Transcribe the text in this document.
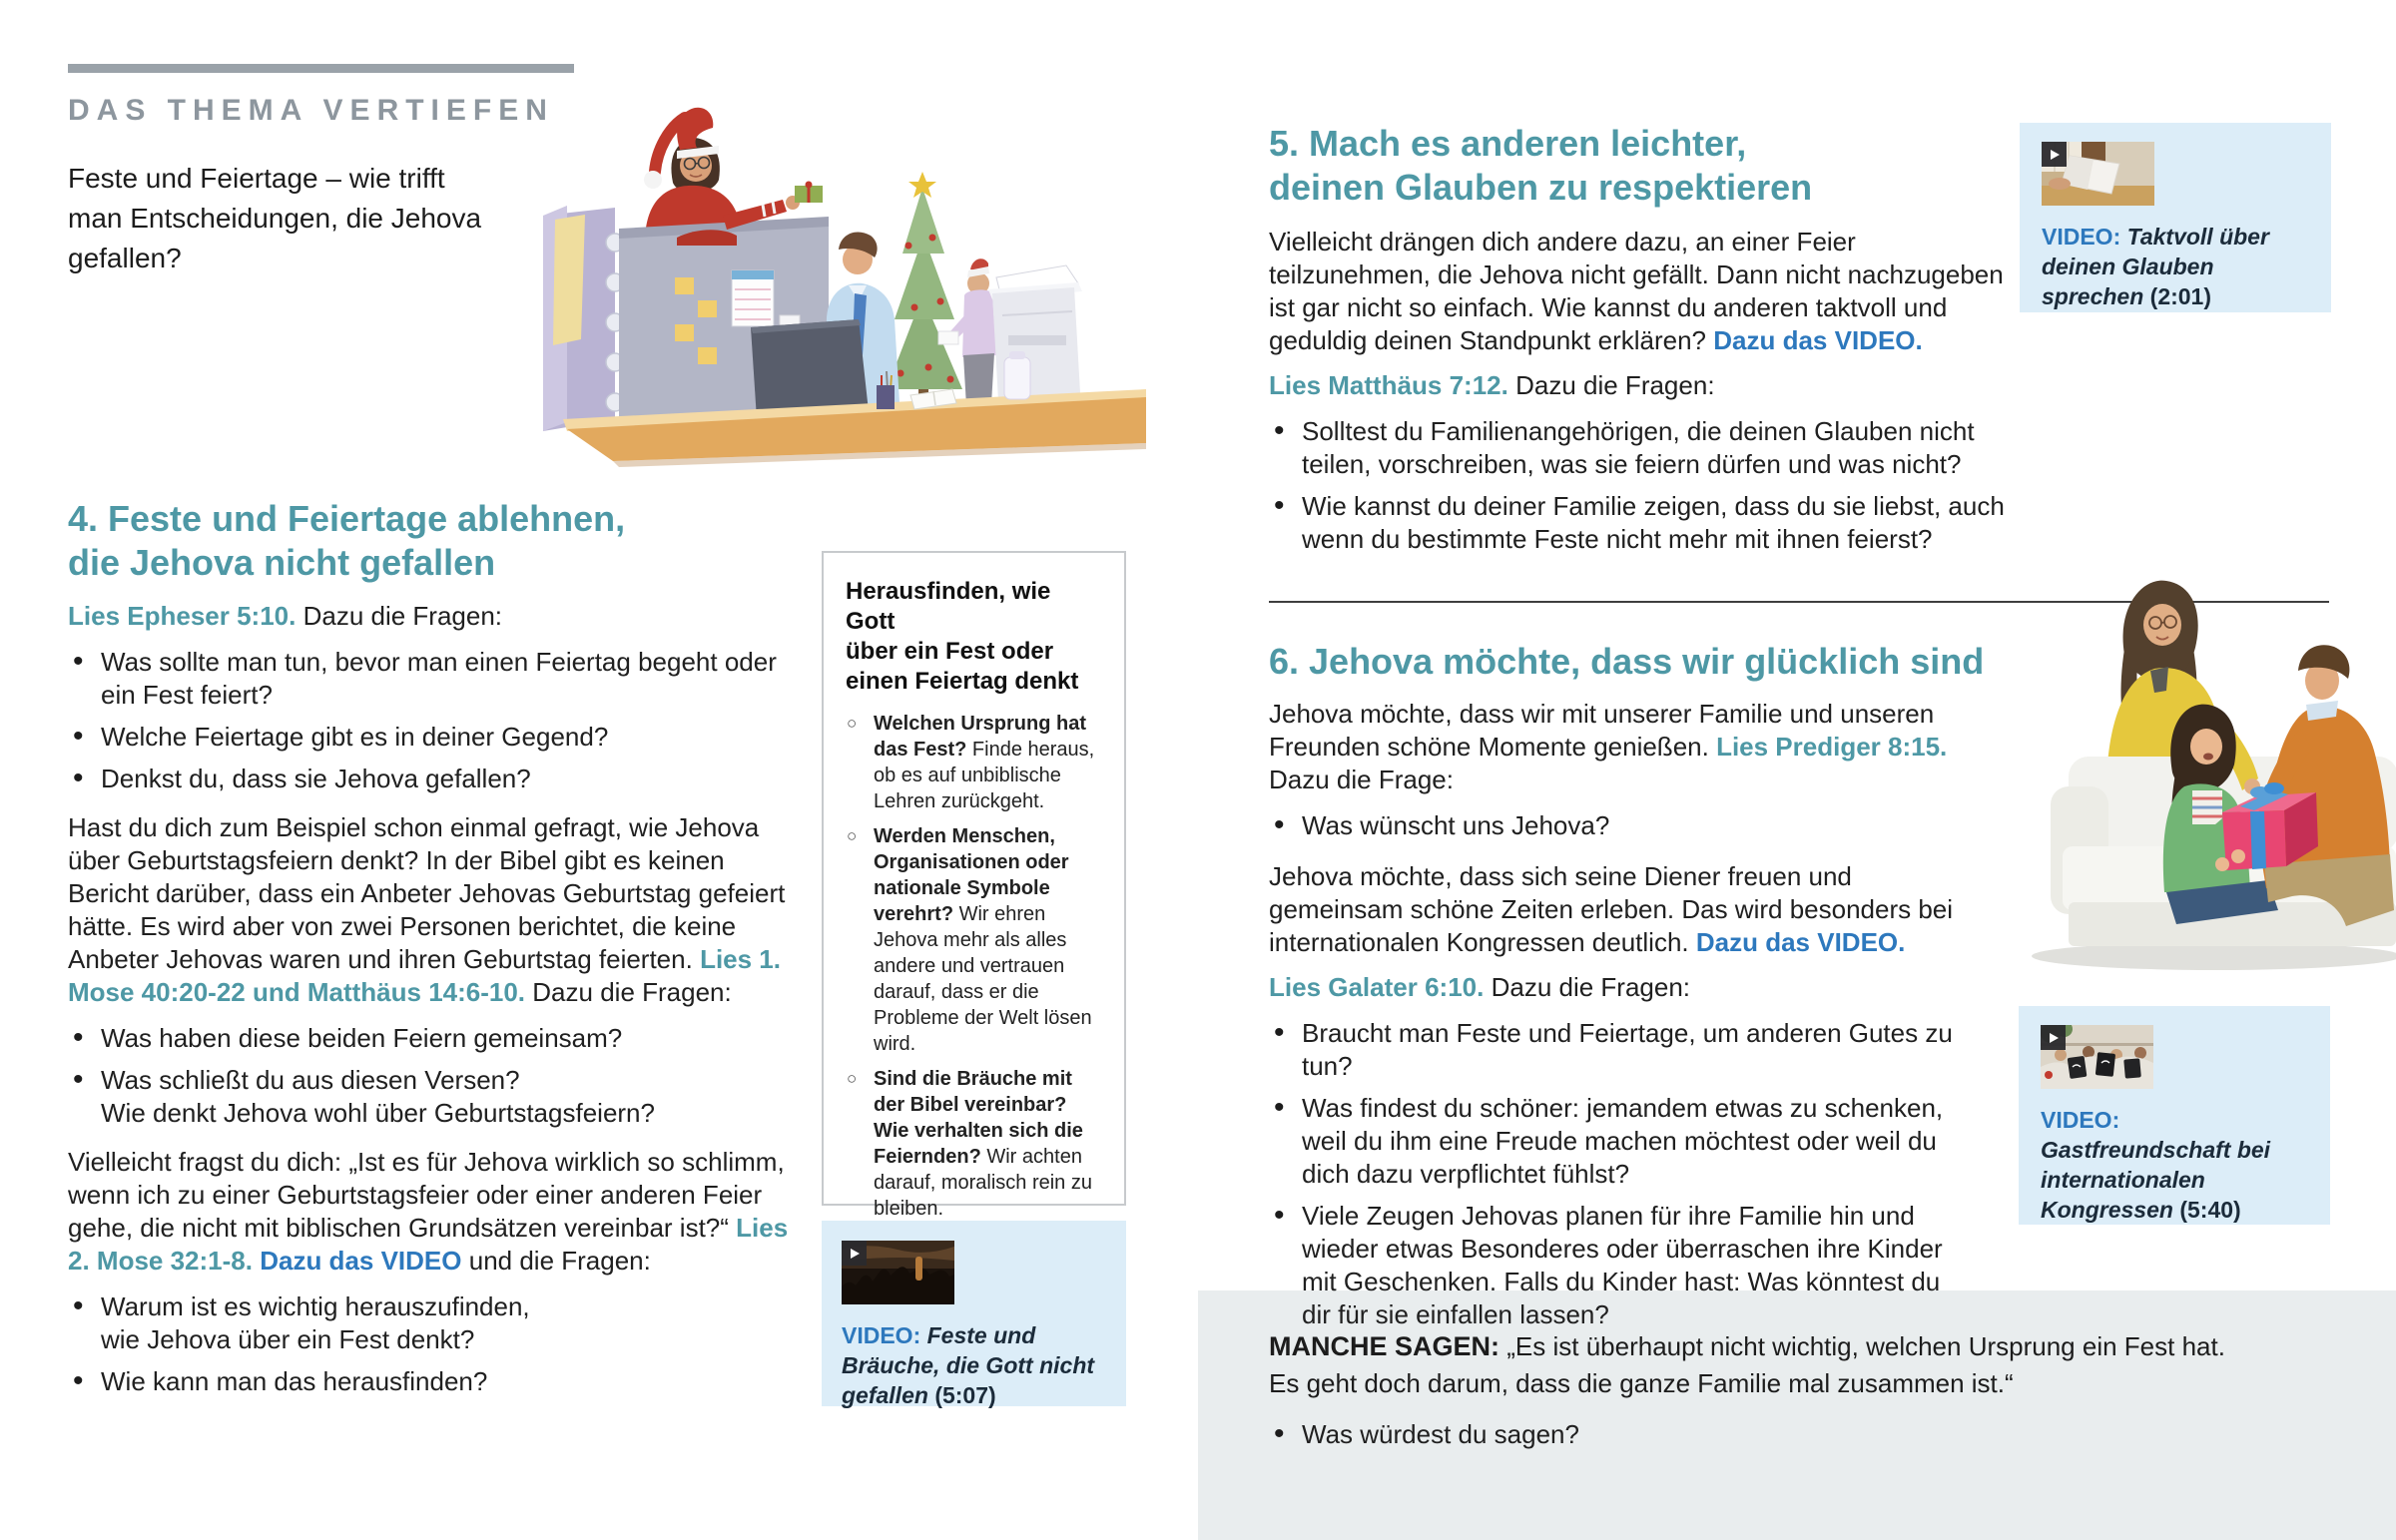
DAS THEMA VERTIEFEN
Feste und Feiertage – wie trifft
man Entscheidungen, die Jehova
gefallen?
4. Feste und Feiertage ablehnen,
die Jehova nicht gefallen

Lies Epheser 5:10. Dazu die Fragen:

• Was sollte man tun, bevor man einen Feiertag begeht oder ein Fest feiert?
• Welche Feiertage gibt es in deiner Gegend?
• Denkst du, dass sie Jehova gefallen?

Hast du dich zum Beispiel schon einmal gefragt, wie Jehova über Geburtstagsfeiern denkt? In der Bibel gibt es keinen Bericht darüber, dass ein Anbeter Jehovas Geburtstag gefeiert hätte. Es wird aber von zwei Personen berichtet, die keine Anbeter Jehovas waren und ihren Geburtstag feierten. Lies 1. Mose 40:20-22 und Matthäus 14:6-10. Dazu die Fragen:

• Was haben diese beiden Feiern gemeinsam?
• Was schließt du aus diesen Versen?
Wie denkt Jehova wohl über Geburtstagsfeiern?

Vielleicht fragst du dich: „Ist es für Jehova wirklich so schlimm, wenn ich zu einer Geburtstagsfeier oder einer anderen Feier gehe, die nicht mit biblischen Grundsätzen vereinbar ist?“ Lies 2. Mose 32:1-8. Dazu das VIDEO und die Fragen:

• Warum ist es wichtig herauszufinden,
wie Jehova über ein Fest denkt?
• Wie kann man das herausfinden?
Herausfinden, wie Gott
über ein Fest oder
einen Feiertag denkt
○ Welchen Ursprung hat das Fest? Finde heraus, ob es auf unbiblische Lehren zurückgeht.
○ Werden Menschen, Organisationen oder nationale Symbole verehrt? Wir ehren Jehova mehr als alles andere und vertrauen darauf, dass er die Probleme der Welt lösen wird.
○ Sind die Bräuche mit der Bibel vereinbar? Wie verhalten sich die Feiernden? Wir achten darauf, moralisch rein zu bleiben.
VIDEO: Feste und Bräuche, die Gott nicht gefallen (5:07)
5. Mach es anderen leichter,
deinen Glauben zu respektieren

Vielleicht drängen dich andere dazu, an einer Feier teilzunehmen, die Jehova nicht gefällt. Dann nicht nachzugeben ist gar nicht so einfach. Wie kannst du anderen taktvoll und geduldig deinen Standpunkt erklären? Dazu das VIDEO.

Lies Matthäus 7:12. Dazu die Fragen:

• Solltest du Familienangehörigen, die deinen Glauben nicht teilen, vorschreiben, was sie feiern dürfen und was nicht?
• Wie kannst du deiner Familie zeigen, dass du sie liebst, auch wenn du bestimmte Feste nicht mehr mit ihnen feierst?
6. Jehova möchte, dass wir glücklich sind

Jehova möchte, dass wir mit unserer Familie und unseren Freunden schöne Momente genießen. Lies Prediger 8:15. Dazu die Frage:

• Was wünscht uns Jehova?

Jehova möchte, dass sich seine Diener freuen und gemeinsam schöne Zeiten erleben. Das wird besonders bei internationalen Kongressen deutlich. Dazu das VIDEO.

Lies Galater 6:10. Dazu die Fragen:

• Braucht man Feste und Feiertage, um anderen Gutes zu tun?
• Was findest du schöner: jemandem etwas zu schenken, weil du ihm eine Freude machen möchtest oder weil du dich dazu verpflichtet fühlst?
• Viele Zeugen Jehovas planen für ihre Familie hin und wieder etwas Besonderes oder überraschen ihre Kinder mit Geschenken. Falls du Kinder hast: Was könntest du dir für sie einfallen lassen?
VIDEO: Taktvoll über deinen Glauben sprechen (2:01)
VIDEO: Gastfreundschaft bei internationalen Kongressen (5:40)

MANCHE SAGEN: „Es ist überhaupt nicht wichtig, welchen Ursprung ein Fest hat.

Es geht doch darum, dass die ganze Familie mal zusammen ist.“

• Was würdest du sagen?
